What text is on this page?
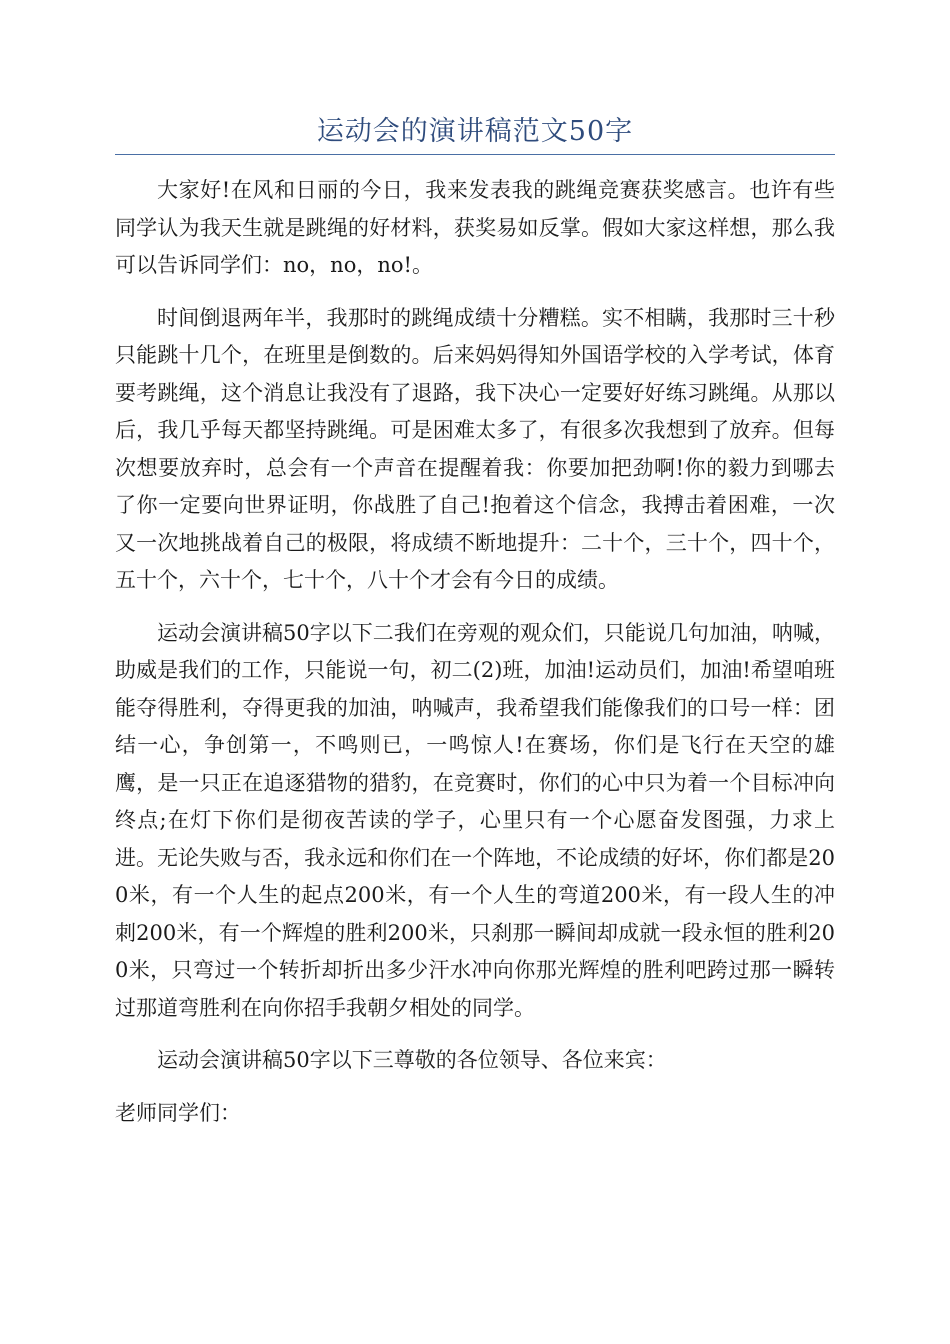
运动会的演讲稿范文50字

大家好!在风和日丽的今日，我来发表我的跳绳竞赛获奖感言。也许有些同学认为我天生就是跳绳的好材料，获奖易如反掌。假如大家这样想，那么我可以告诉同学们：no，no，no!。

时间倒退两年半，我那时的跳绳成绩十分糟糕。实不相瞒，我那时三十秒只能跳十几个，在班里是倒数的。后来妈妈得知外国语学校的入学考试，体育要考跳绳，这个消息让我没有了退路，我下决心一定要好好练习跳绳。从那以后，我几乎每天都坚持跳绳。可是困难太多了，有很多次我想到了放弃。但每次想要放弃时，总会有一个声音在提醒着我：你要加把劲啊!你的毅力到哪去了你一定要向世界证明，你战胜了自己!抱着这个信念，我搏击着困难，一次又一次地挑战着自己的极限，将成绩不断地提升：二十个，三十个，四十个，五十个，六十个，七十个，八十个才会有今日的成绩。

运动会演讲稿50字以下二我们在旁观的观众们，只能说几句加油，呐喊，助威是我们的工作，只能说一句，初二(2)班，加油!运动员们，加油!希望咱班能夺得胜利，夺得更我的加油，呐喊声，我希望我们能像我们的口号一样：团结一心，争创第一，不鸣则已，一鸣惊人!在赛场，你们是飞行在天空的雄鹰，是一只正在追逐猎物的猎豹，在竞赛时，你们的心中只为着一个目标冲向终点;在灯下你们是彻夜苦读的学子，心里只有一个心愿奋发图强，力求上进。无论失败与否，我永远和你们在一个阵地，不论成绩的好坏，你们都是200米，有一个人生的起点200米，有一个人生的弯道200米，有一段人生的冲刺200米，有一个辉煌的胜利200米，只刹那一瞬间却成就一段永恒的胜利200米，只弯过一个转折却折出多少汗水冲向你那光辉煌的胜利吧跨过那一瞬转过那道弯胜利在向你招手我朝夕相处的同学。

运动会演讲稿50字以下三尊敬的各位领导、各位来宾：

老师同学们：
